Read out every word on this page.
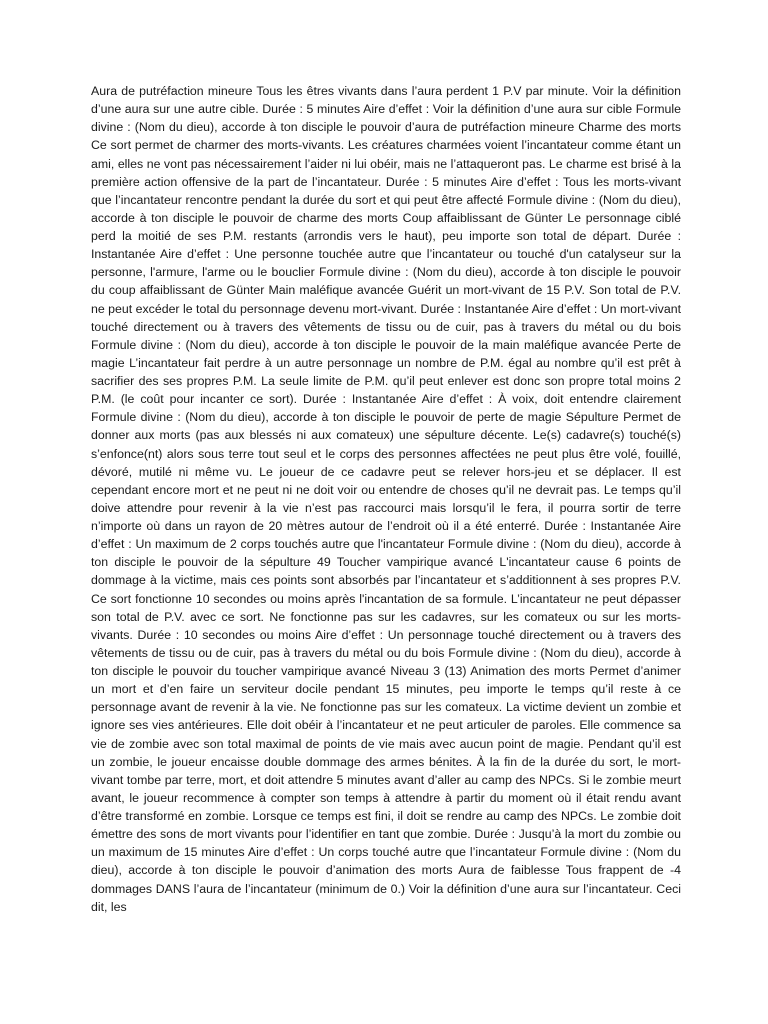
Aura de putréfaction mineure Tous les êtres vivants dans l’aura perdent 1 P.V par minute. Voir la définition d’une aura sur une autre cible. Durée : 5 minutes Aire d’effet : Voir la définition d’une aura sur cible Formule divine : (Nom du dieu), accorde à ton disciple le pouvoir d’aura de putréfaction mineure Charme des morts Ce sort permet de charmer des morts-vivants. Les créatures charmées voient l’incantateur comme étant un ami, elles ne vont pas nécessairement l’aider ni lui obéir, mais ne l’attaqueront pas. Le charme est brisé à la première action offensive de la part de l’incantateur. Durée : 5 minutes Aire d’effet : Tous les morts-vivant que l’incantateur rencontre pendant la durée du sort et qui peut être affecté Formule divine : (Nom du dieu), accorde à ton disciple le pouvoir de charme des morts Coup affaiblissant de Günter Le personnage ciblé perd la moitié de ses P.M. restants (arrondis vers le haut), peu importe son total de départ. Durée : Instantanée Aire d’effet : Une personne touchée autre que l’incantateur ou touché d'un catalyseur sur la personne, l'armure, l'arme ou le bouclier Formule divine : (Nom du dieu), accorde à ton disciple le pouvoir du coup affaiblissant de Günter Main maléfique avancée Guérit un mort-vivant de 15 P.V. Son total de P.V. ne peut excéder le total du personnage devenu mort-vivant. Durée : Instantanée Aire d’effet : Un mort-vivant touché directement ou à travers des vêtements de tissu ou de cuir, pas à travers du métal ou du bois Formule divine : (Nom du dieu), accorde à ton disciple le pouvoir de la main maléfique avancée Perte de magie L’incantateur fait perdre à un autre personnage un nombre de P.M. égal au nombre qu’il est prêt à sacrifier des ses propres P.M. La seule limite de P.M. qu’il peut enlever est donc son propre total moins 2 P.M. (le coût pour incanter ce sort). Durée : Instantanée Aire d’effet : À voix, doit entendre clairement Formule divine : (Nom du dieu), accorde à ton disciple le pouvoir de perte de magie Sépulture Permet de donner aux morts (pas aux blessés ni aux comateux) une sépulture décente. Le(s) cadavre(s) touché(s) s’enfonce(nt) alors sous terre tout seul et le corps des personnes affectées ne peut plus être volé, fouillé, dévoré, mutilé ni même vu. Le joueur de ce cadavre peut se relever hors-jeu et se déplacer. Il est cependant encore mort et ne peut ni ne doit voir ou entendre de choses qu’il ne devrait pas. Le temps qu’il doive attendre pour revenir à la vie n’est pas raccourci mais lorsqu’il le fera, il pourra sortir de terre n’importe où dans un rayon de 20 mètres autour de l’endroit où il a été enterré. Durée : Instantanée Aire d’effet : Un maximum de 2 corps touchés autre que l'incantateur Formule divine : (Nom du dieu), accorde à ton disciple le pouvoir de la sépulture 49 Toucher vampirique avancé L'incantateur cause 6 points de dommage à la victime, mais ces points sont absorbés par l’incantateur et s’additionnent à ses propres P.V. Ce sort fonctionne 10 secondes ou moins après l'incantation de sa formule. L’incantateur ne peut dépasser son total de P.V. avec ce sort. Ne fonctionne pas sur les cadavres, sur les comateux ou sur les morts-vivants. Durée : 10 secondes ou moins Aire d’effet : Un personnage touché directement ou à travers des vêtements de tissu ou de cuir, pas à travers du métal ou du bois Formule divine : (Nom du dieu), accorde à ton disciple le pouvoir du toucher vampirique avancé Niveau 3 (13) Animation des morts Permet d’animer un mort et d’en faire un serviteur docile pendant 15 minutes, peu importe le temps qu’il reste à ce personnage avant de revenir à la vie. Ne fonctionne pas sur les comateux. La victime devient un zombie et ignore ses vies antérieures. Elle doit obéir à l’incantateur et ne peut articuler de paroles. Elle commence sa vie de zombie avec son total maximal de points de vie mais avec aucun point de magie. Pendant qu’il est un zombie, le joueur encaisse double dommage des armes bénites. À la fin de la durée du sort, le mort-vivant tombe par terre, mort, et doit attendre 5 minutes avant d’aller au camp des NPCs. Si le zombie meurt avant, le joueur recommence à compter son temps à attendre à partir du moment où il était rendu avant d’être transformé en zombie. Lorsque ce temps est fini, il doit se rendre au camp des NPCs. Le zombie doit émettre des sons de mort vivants pour l’identifier en tant que zombie. Durée : Jusqu’à la mort du zombie ou un maximum de 15 minutes Aire d’effet : Un corps touché autre que l’incantateur Formule divine : (Nom du dieu), accorde à ton disciple le pouvoir d’animation des morts Aura de faiblesse Tous frappent de -4 dommages DANS l’aura de l’incantateur (minimum de 0.) Voir la définition d’une aura sur l’incantateur. Ceci dit, les
